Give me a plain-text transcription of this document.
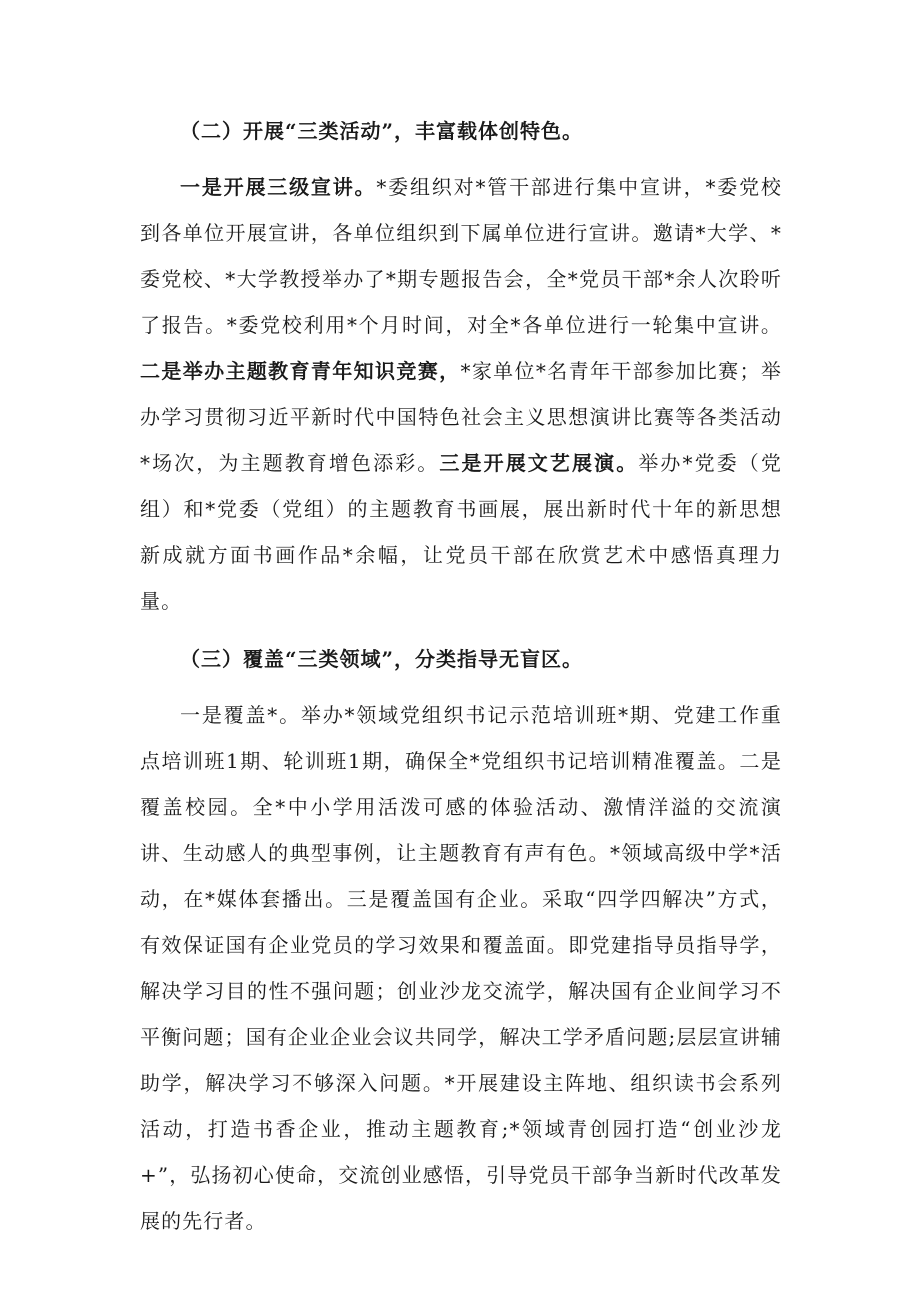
（二）开展“三类活动”，丰富载体创特色。

一是开展三级宣讲。*委组织对*管干部进行集中宣讲，*委党校到各单位开展宣讲，各单位组织到下属单位进行宣讲。邀请*大学、*委党校、*大学教授举办了*期专题报告会，全*党员干部*余人次聆听了报告。*委党校利用*个月时间，对全*各单位进行一轮集中宣讲。二是举办主题教育青年知识竞赛，*家单位*名青年干部参加比赛；举办学习贯彻习近平新时代中国特色社会主义思想演讲比赛等各类活动*场次，为主题教育增色添彩。三是开展文艺展演。举办*党委（党组）和*党委（党组）的主题教育书画展，展出新时代十年的新思想新成就方面书画作品*余幅，让党员干部在欣赏艺术中感悟真理力量。

（三）覆盖“三类领域”，分类指导无盲区。

一是覆盖*。举办*领域党组织书记示范培训班*期、党建工作重点培训班1期、轮训班1期，确保全*党组织书记培训精准覆盖。二是覆盖校园。全*中小学用活泼可感的体验活动、激情洋溢的交流演讲、生动感人的典型事例，让主题教育有声有色。*领域高级中学*活动，在*媒体套播出。三是覆盖国有企业。采取“四学四解决”方式，有效保证国有企业党员的学习效果和覆盖面。即党建指导员指导学，解决学习目的性不强问题；创业沙龙交流学，解决国有企业间学习不平衡问题；国有企业企业会议共同学，解决工学矛盾问题;层层宣讲辅助学，解决学习不够深入问题。*开展建设主阵地、组织读书会系列活动，打造书香企业，推动主题教育;*领域青创园打造“创业沙龙+”，弘扬初心使命，交流创业感悟，引导党员干部争当新时代改革发展的先行者。
